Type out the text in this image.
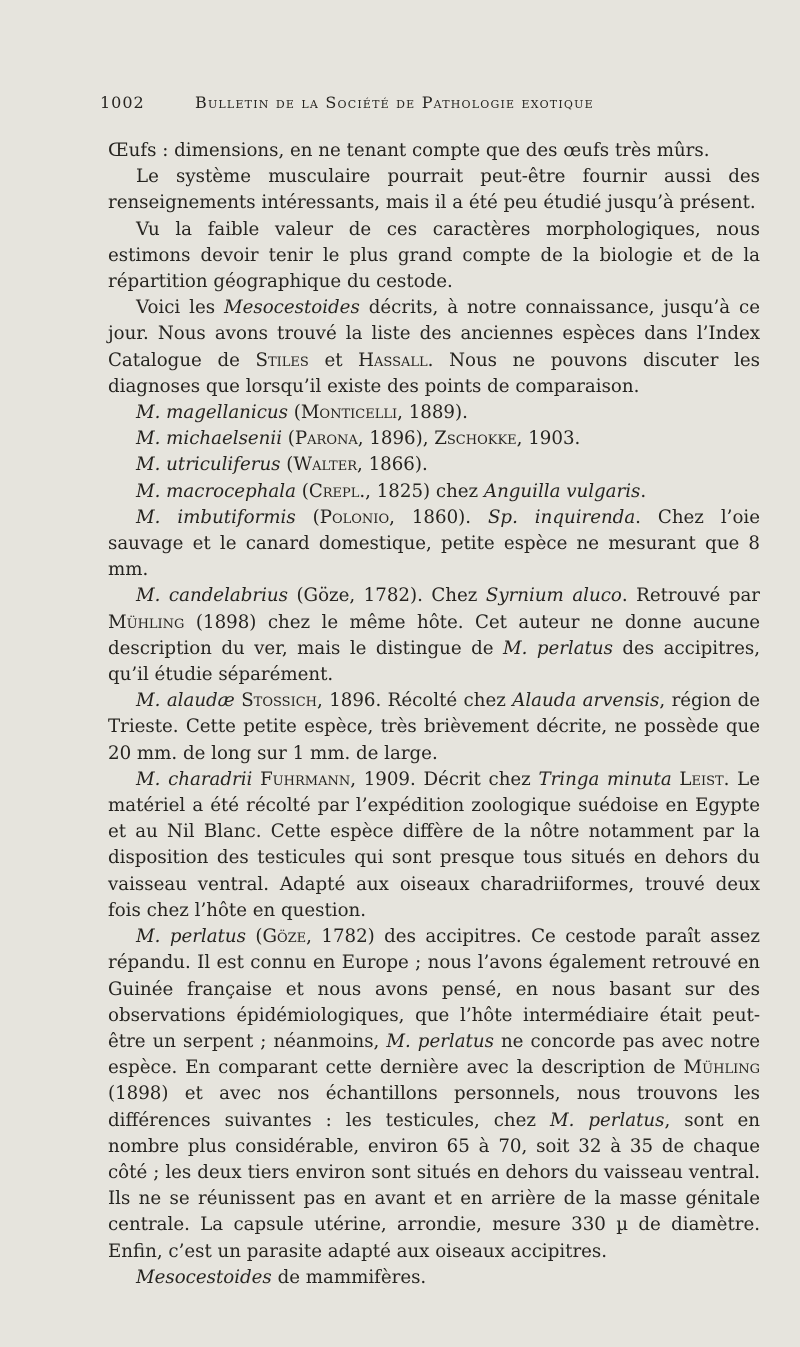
1002	Bulletin de la Société de Pathologie exotique

Œufs : dimensions, en ne tenant compte que des œufs très mûrs.

Le système musculaire pourrait peut-être fournir aussi des renseignements intéressants, mais il a été peu étudié jusqu’à présent.

Vu la faible valeur de ces caractères morphologiques, nous estimons devoir tenir le plus grand compte de la biologie et de la répartition géographique du cestode.

Voici les Mesocestoides décrits, à notre connaissance, jusqu’à ce jour. Nous avons trouvé la liste des anciennes espèces dans l’Index Catalogue de Stiles et Hassall. Nous ne pouvons discuter les diagnoses que lorsqu’il existe des points de comparaison.

M. magellanicus (Monticelli, 1889).

M. michaelsenii (Parona, 1896), Zschokke, 1903.

M. utriculiferus (Walter, 1866).

M. macrocephala (Crepl., 1825) chez Anguilla vulgaris.

M. imbutiformis (Polonio, 1860). Sp. inquirenda. Chez l’oie sauvage et le canard domestique, petite espèce ne mesurant que 8 mm.

M. candelabrius (Göze, 1782). Chez Syrnium aluco. Retrouvé par Mühling (1898) chez le même hôte. Cet auteur ne donne aucune description du ver, mais le distingue de M. perlatus des accipitres, qu’il étudie séparément.

M. alaudæ Stossich, 1896. Récolté chez Alauda arvensis, région de Trieste. Cette petite espèce, très brièvement décrite, ne possède que 20 mm. de long sur 1 mm. de large.

M. charadrii Fuhrmann, 1909. Décrit chez Tringa minuta Leist. Le matériel a été récolté par l’expédition zoologique suédoise en Egypte et au Nil Blanc. Cette espèce diffère de la nôtre notamment par la disposition des testicules qui sont presque tous situés en dehors du vaisseau ventral. Adapté aux oiseaux charadriiformes, trouvé deux fois chez l’hôte en question.

M. perlatus (Göze, 1782) des accipitres. Ce cestode paraît assez répandu. Il est connu en Europe ; nous l’avons également retrouvé en Guinée française et nous avons pensé, en nous basant sur des observations épidémiologiques, que l’hôte intermédiaire était peut-être un serpent ; néanmoins, M. perlatus ne concorde pas avec notre espèce. En comparant cette dernière avec la description de Mühling (1898) et avec nos échantillons personnels, nous trouvons les différences suivantes : les testicules, chez M. perlatus, sont en nombre plus considérable, environ 65 à 70, soit 32 à 35 de chaque côté ; les deux tiers environ sont situés en dehors du vaisseau ventral. Ils ne se réunissent pas en avant et en arrière de la masse génitale centrale. La capsule utérine, arrondie, mesure 330 µ de diamètre. Enfin, c’est un parasite adapté aux oiseaux accipitres.

Mesocestoides de mammifères.
